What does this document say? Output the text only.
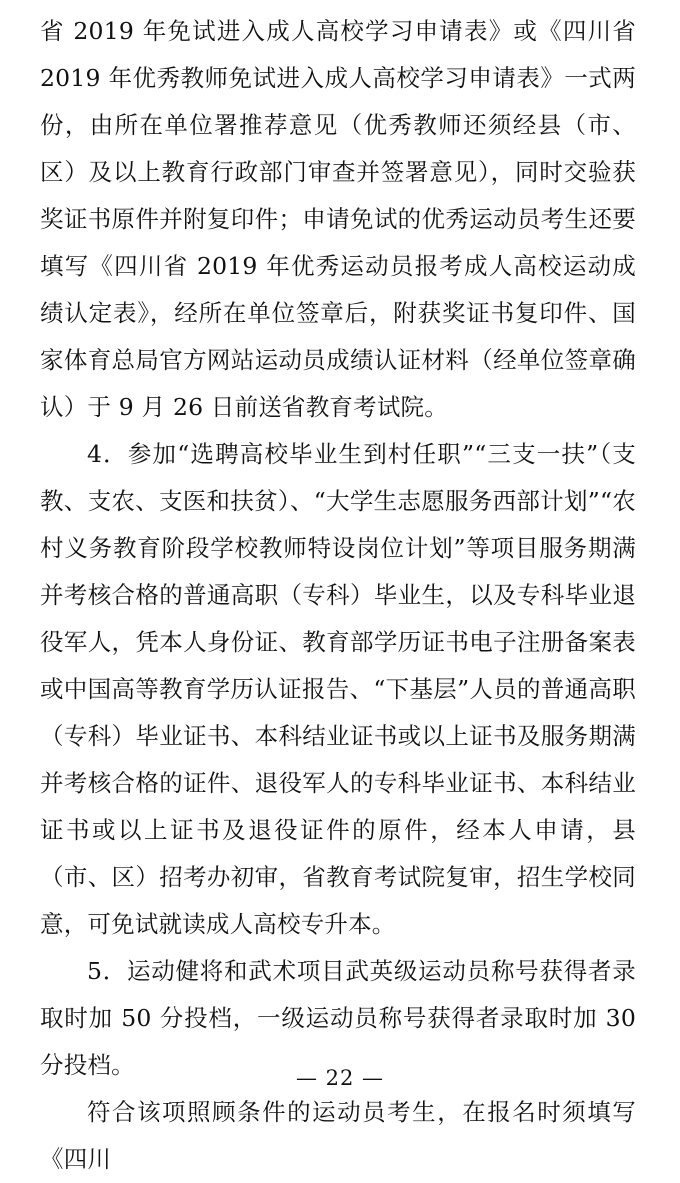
省 2019 年免试进入成人高校学习申请表》或《四川省 2019 年优秀教师免试进入成人高校学习申请表》一式两份，由所在单位署推荐意见（优秀教师还须经县（市、区）及以上教育行政部门审查并签署意见），同时交验获奖证书原件并附复印件；申请免试的优秀运动员考生还要填写《四川省 2019 年优秀运动员报考成人高校运动成绩认定表》，经所在单位签章后，附获奖证书复印件、国家体育总局官方网站运动员成绩认证材料（经单位签章确认）于 9 月 26 日前送省教育考试院。

4．参加“选聘高校毕业生到村任职”“三支一扶”（支教、支农、支医和扶贫）、“大学生志愿服务西部计划”“农村义务教育阶段学校教师特设岗位计划”等项目服务期满并考核合格的普通高职（专科）毕业生，以及专科毕业退役军人，凭本人身份证、教育部学历证书电子注册备案表或中国高等教育学历认证报告、“下基层”人员的普通高职（专科）毕业证书、本科结业证书或以上证书及服务期满并考核合格的证件、退役军人的专科毕业证书、本科结业证书或以上证书及退役证件的原件，经本人申请，县（市、区）招考办初审，省教育考试院复审，招生学校同意，可免试就读成人高校专升本。

5．运动健将和武术项目武英级运动员称号获得者录取时加 50 分投档，一级运动员称号获得者录取时加 30 分投档。

符合该项照顾条件的运动员考生，在报名时须填写《四川

— 22 —
